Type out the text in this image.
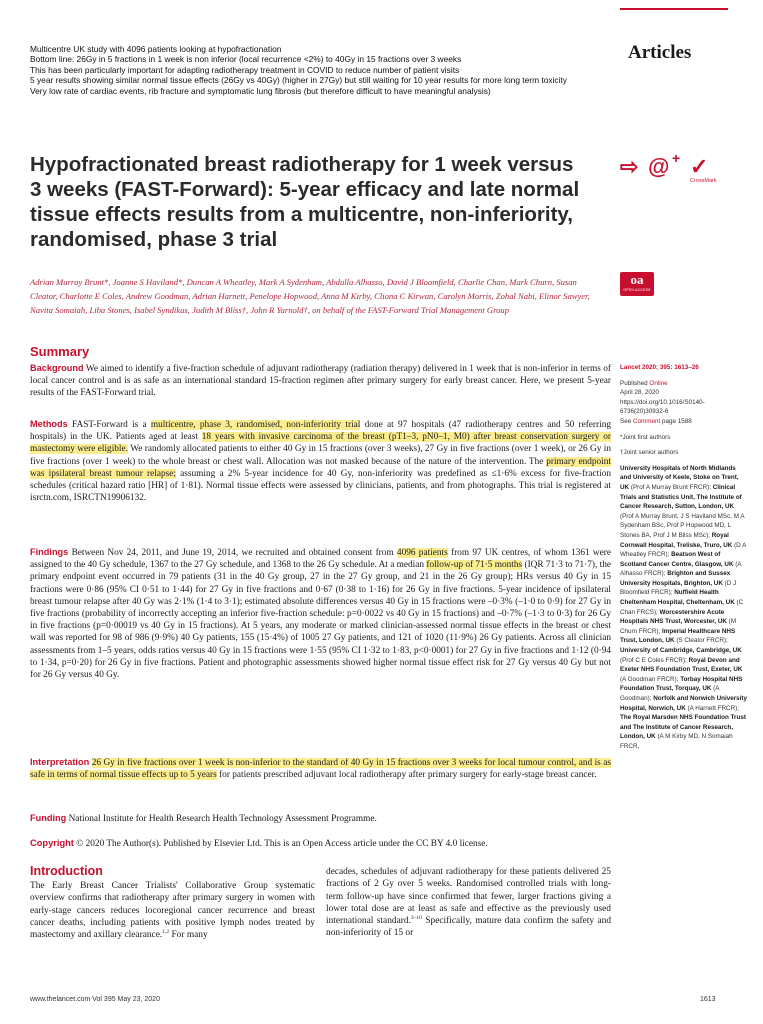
Multicentre UK study with 4096 patients looking at hypofractionation
Bottom line: 26Gy in 5 fractions in 1 week is non inferior (local recurrence <2%) to 40Gy in 15 fractions over 3 weeks
This has been particularly important for adapting radiotherapy treatment in COVID to reduce number of patient visits
5 year results showing similar normal tissue effects (26Gy vs 40Gy) (higher in 27Gy) but still waiting for 10 year results for more long term toxicity
Very low rate of cardiac events, rib fracture and symptomatic lung fibrosis (but therefore difficult to have meaningful analysis)
Articles
Hypofractionated breast radiotherapy for 1 week versus 3 weeks (FAST-Forward): 5-year efficacy and late normal tissue effects results from a multicentre, non-inferiority, randomised, phase 3 trial
⇨ @ + ✓
CrossMark
oa
OPEN ACCESS

Adrian Murray Brunt*, Joanne S Haviland*, Duncan A Wheatley, Mark A Sydenham, Abdulla Alhasso, David J Bloomfield, Charlie Chan, Mark Churn, Susan Cleator, Charlotte E Coles, Andrew Goodman, Adrian Harnett, Penelope Hopwood, Anna M Kirby, Cliona C Kirwan, Carolyn Morris, Zohal Nabi, Elinor Sawyer, Navita Somaiah, Liba Stones, Isabel Syndikus, Judith M Bliss†, John R Yarnold†, on behalf of the FAST-Forward Trial Management Group

Summary

Background We aimed to identify a five-fraction schedule of adjuvant radiotherapy (radiation therapy) delivered in 1 week that is non-inferior in terms of local cancer control and is as safe as an international standard 15-fraction regimen after primary surgery for early breast cancer. Here, we present 5-year results of the FAST-Forward trial.

Methods FAST-Forward is a multicentre, phase 3, randomised, non-inferiority trial done at 97 hospitals (47 radiotherapy centres and 50 referring hospitals) in the UK. Patients aged at least 18 years with invasive carcinoma of the breast (pT1–3, pN0–1, M0) after breast conservation surgery or mastectomy were eligible. We randomly allocated patients to either 40 Gy in 15 fractions (over 3 weeks), 27 Gy in five fractions (over 1 week), or 26 Gy in five fractions (over 1 week) to the whole breast or chest wall. Allocation was not masked because of the nature of the intervention. The primary endpoint was ipsilateral breast tumour relapse; assuming a 2% 5-year incidence for 40 Gy, non-inferiority was predefined as ≤1·6% excess for five-fraction schedules (critical hazard ratio [HR] of 1·81). Normal tissue effects were assessed by clinicians, patients, and from photographs. This trial is registered at isrctn.com, ISRCTN19906132.

Findings Between Nov 24, 2011, and June 19, 2014, we recruited and obtained consent from 4096 patients from 97 UK centres, of whom 1361 were assigned to the 40 Gy schedule, 1367 to the 27 Gy schedule, and 1368 to the 26 Gy schedule. At a median follow-up of 71·5 months (IQR 71·3 to 71·7), the primary endpoint event occurred in 79 patients (31 in the 40 Gy group, 27 in the 27 Gy group, and 21 in the 26 Gy group); HRs versus 40 Gy in 15 fractions were 0·86 (95% CI 0·51 to 1·44) for 27 Gy in five fractions and 0·67 (0·38 to 1·16) for 26 Gy in five fractions. 5-year incidence of ipsilateral breast tumour relapse after 40 Gy was 2·1% (1·4 to 3·1); estimated absolute differences versus 40 Gy in 15 fractions were –0·3% (–1·0 to 0·9) for 27 Gy in five fractions (probability of incorrectly accepting an inferior five-fraction schedule: p=0·0022 vs 40 Gy in 15 fractions) and –0·7% (–1·3 to 0·3) for 26 Gy in five fractions (p=0·00019 vs 40 Gy in 15 fractions). At 5 years, any moderate or marked clinician-assessed normal tissue effects in the breast or chest wall was reported for 98 of 986 (9·9%) 40 Gy patients, 155 (15·4%) of 1005 27 Gy patients, and 121 of 1020 (11·9%) 26 Gy patients. Across all clinician assessments from 1–5 years, odds ratios versus 40 Gy in 15 fractions were 1·55 (95% CI 1·32 to 1·83, p<0·0001) for 27 Gy in five fractions and 1·12 (0·94 to 1·34, p=0·20) for 26 Gy in five fractions. Patient and photographic assessments showed higher normal tissue effect risk for 27 Gy versus 40 Gy but not for 26 Gy versus 40 Gy.

Interpretation 26 Gy in five fractions over 1 week is non-inferior to the standard of 40 Gy in 15 fractions over 3 weeks for local tumour control, and is as safe in terms of normal tissue effects up to 5 years for patients prescribed adjuvant local radiotherapy after primary surgery for early-stage breast cancer.

Funding National Institute for Health Research Health Technology Assessment Programme.

Copyright © 2020 The Author(s). Published by Elsevier Ltd. This is an Open Access article under the CC BY 4.0 license.

Introduction

The Early Breast Cancer Trialists' Collaborative Group systematic overview confirms that radiotherapy after primary surgery in women with early-stage cancers reduces locoregional cancer recurrence and breast cancer deaths, including patients with positive lymph nodes treated by mastectomy and axillary clearance.$^{1,2}$ For many

decades, schedules of adjuvant radiotherapy for these patients delivered 25 fractions of 2 Gy over 5 weeks. Randomised controlled trials with long-term follow-up have since confirmed that fewer, larger fractions giving a lower total dose are at least as safe and effective as the previously used international standard.$^{3-10}$ Specifically, mature data confirm the safety and non-inferiority of 15 or

Lancet 2020; 395: 1613–26
Published Online
April 28, 2020
https://doi.org/10.1016/S0140-6736(20)30932-6
See Comment page 1588
*Joint first authors
†Joint senior authors
University Hospitals of North Midlands and University of Keele, Stoke on Trent, UK (Prof A Murray Brunt FRCR); Clinical Trials and Statistics Unit, The Institute of Cancer Research, Sutton, London, UK (Prof A Murray Brunt, J S Haviland MSc, M A Sydenham BSc, Prof P Hopwood MD, L Stones BA, Prof J M Bliss MSc); Royal Cornwall Hospital, Treliske, Truro, UK (D A Wheatley FRCR); Beatson West of Scotland Cancer Centre, Glasgow, UK (A Alhasso FRCR); Brighton and Sussex University Hospitals, Brighton, UK (D J Bloomfield FRCR); Nuffield Health Cheltenham Hospital, Cheltenham, UK (C Chan FRCS); Worcestershire Acute Hospitals NHS Trust, Worcester, UK (M Churn FRCR); Imperial Healthcare NHS Trust, London, UK (S Cleator FRCR); University of Cambridge, Cambridge, UK (Prof C E Coles FRCR); Royal Devon and Exeter NHS Foundation Trust, Exeter, UK (A Goodman FRCR); Torbay Hospital NHS Foundation Trust, Torquay, UK (A Goodman); Norfolk and Norwich University Hospital, Norwich, UK (A Harnett FRCR); The Royal Marsden NHS Foundation Trust and The Institute of Cancer Research, London, UK (A M Kirby MD, N Somaiah FRCR,
www.thelancet.com Vol 395 May 23, 2020	1613
